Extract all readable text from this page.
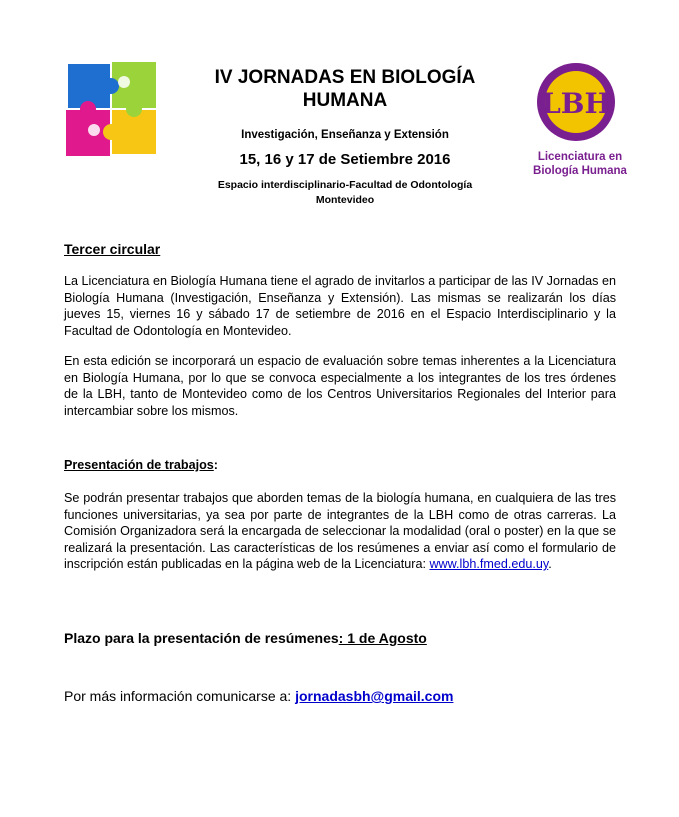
IV JORNADAS EN BIOLOGÍA
HUMANA
Investigación, Enseñanza y Extensión
15, 16 y 17 de Setiembre 2016
Espacio interdisciplinario-Facultad de Odontología
Montevideo
LBH
Licenciatura en
Biología Humana
Tercer circular
La Licenciatura en Biología Humana tiene el agrado de invitarlos a participar de las IV Jornadas en Biología Humana (Investigación, Enseñanza y Extensión). Las mismas se realizarán los días jueves 15, viernes 16 y sábado 17 de setiembre de 2016 en el Espacio Interdisciplinario y la Facultad de Odontología en Montevideo.
En esta edición se incorporará un espacio de evaluación sobre temas inherentes a la Licenciatura en Biología Humana, por lo que se convoca especialmente a los integrantes de los tres órdenes de la LBH, tanto de Montevideo como de los Centros Universitarios Regionales del Interior para intercambiar sobre los mismos.
Presentación de trabajos:
Se podrán presentar trabajos que aborden temas de la biología humana, en cualquiera de las tres funciones universitarias, ya sea por parte de integrantes de la LBH como de otras carreras. La Comisión Organizadora será la encargada de seleccionar la modalidad (oral o poster) en la que se realizará la presentación. Las características de los resúmenes a enviar así como el formulario de inscripción están publicadas en la página web de la Licenciatura: www.lbh.fmed.edu.uy.
Plazo para la presentación de resúmenes: 1 de Agosto
Por más información comunicarse a: jornadasbh@gmail.com
